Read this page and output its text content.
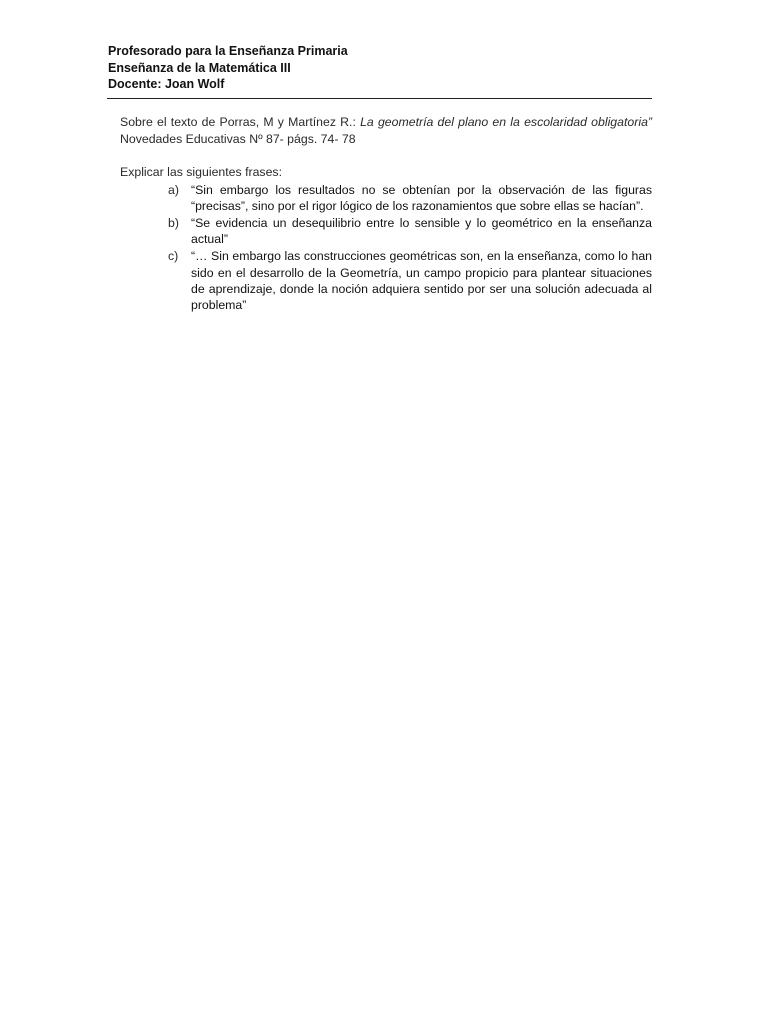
Profesorado para la Enseñanza Primaria
Enseñanza de la Matemática III
Docente: Joan Wolf
Sobre el texto de Porras, M y Martínez R.: La geometría del plano en la escolaridad obligatoria” Novedades Educativas Nº 87- págs. 74- 78
Explicar las siguientes frases:
a) “Sin embargo los resultados no se obtenían por la observación de las figuras “precisas”, sino por el rigor lógico de los razonamientos que sobre ellas se hacían”.
b) “Se evidencia un desequilibrio entre lo sensible y lo geométrico en la enseñanza actual”
c)	“… Sin embargo las construcciones geométricas son, en la enseñanza, como lo han sido en el desarrollo de la Geometría, un campo propicio para plantear situaciones de aprendizaje, donde la noción adquiera sentido por ser una solución adecuada al problema”
